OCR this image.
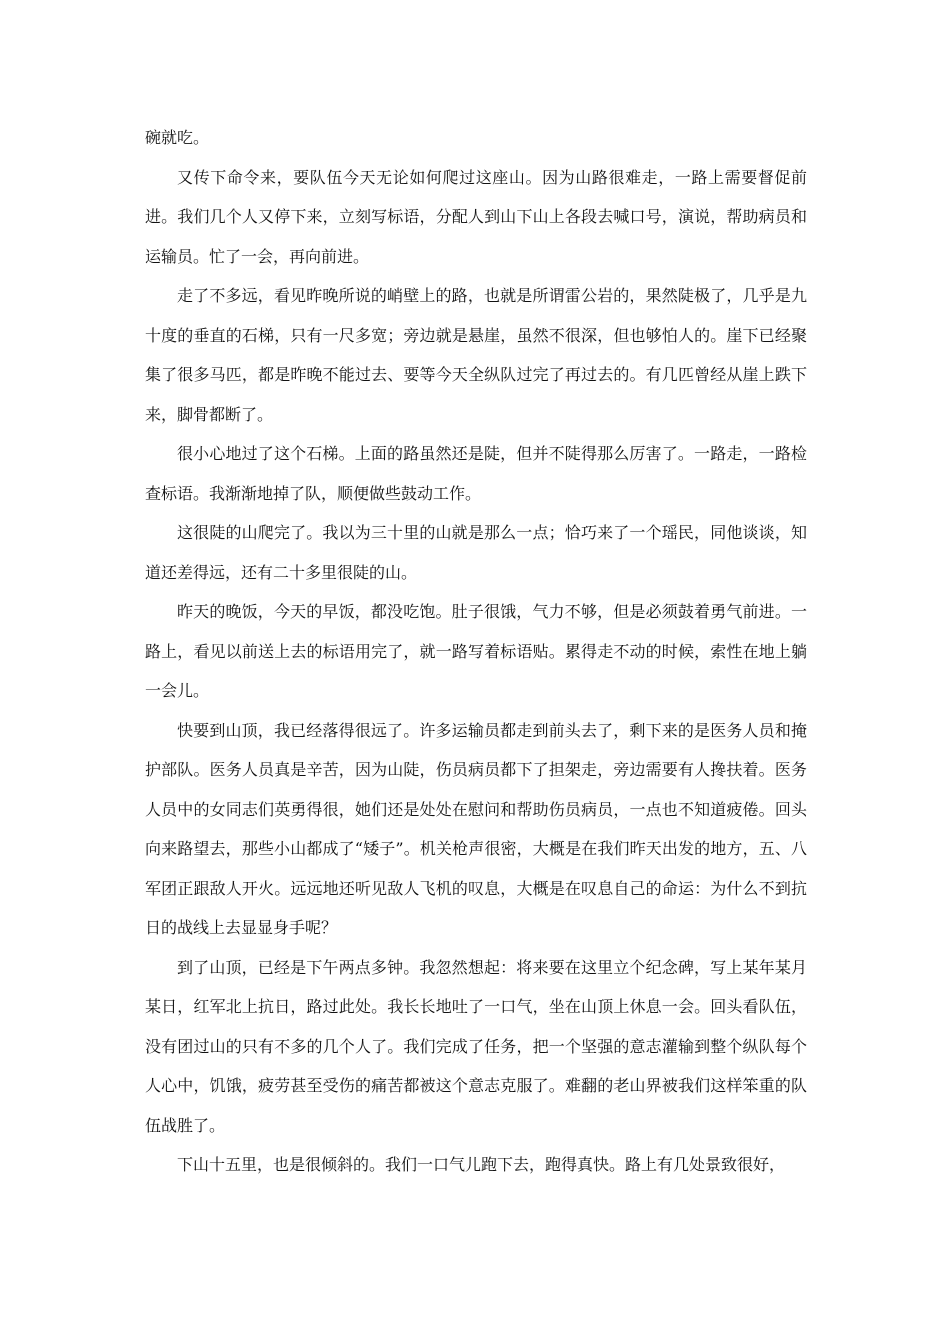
碗就吃。

又传下命令来，要队伍今天无论如何爬过这座山。因为山路很难走，一路上需要督促前进。我们几个人又停下来，立刻写标语，分配人到山下山上各段去喊口号，演说，帮助病员和运输员。忙了一会，再向前进。

走了不多远，看见昨晚所说的峭壁上的路，也就是所谓雷公岩的，果然陡极了，几乎是九十度的垂直的石梯，只有一尺多宽；旁边就是悬崖，虽然不很深，但也够怕人的。崖下已经聚集了很多马匹，都是昨晚不能过去、要等今天全纵队过完了再过去的。有几匹曾经从崖上跌下来，脚骨都断了。

很小心地过了这个石梯。上面的路虽然还是陡，但并不陡得那么厉害了。一路走，一路检查标语。我渐渐地掉了队，顺便做些鼓动工作。

这很陡的山爬完了。我以为三十里的山就是那么一点；恰巧来了一个瑶民，同他谈谈，知道还差得远，还有二十多里很陡的山。

昨天的晚饭，今天的早饭，都没吃饱。肚子很饿，气力不够，但是必须鼓着勇气前进。一路上，看见以前送上去的标语用完了，就一路写着标语贴。累得走不动的时候，索性在地上躺一会儿。

快要到山顶，我已经落得很远了。许多运输员都走到前头去了，剩下来的是医务人员和掩护部队。医务人员真是辛苦，因为山陡，伤员病员都下了担架走，旁边需要有人搀扶着。医务人员中的女同志们英勇得很，她们还是处处在慰问和帮助伤员病员，一点也不知道疲倦。回头向来路望去，那些小山都成了“矮子”。机关枪声很密，大概是在我们昨天出发的地方，五、八军团正跟敌人开火。远远地还听见敌人飞机的叹息，大概是在叹息自己的命运：为什么不到抗日的战线上去显显身手呢？

到了山顶，已经是下午两点多钟。我忽然想起：将来要在这里立个纪念碑，写上某年某月某日，红军北上抗日，路过此处。我长长地吐了一口气，坐在山顶上休息一会。回头看队伍，没有团过山的只有不多的几个人了。我们完成了任务，把一个坚强的意志灌输到整个纵队每个人心中，饥饿，疲劳甚至受伤的痛苦都被这个意志克服了。难翻的老山界被我们这样笨重的队伍战胜了。

下山十五里，也是很倾斜的。我们一口气儿跑下去，跑得真快。路上有几处景致很好，
